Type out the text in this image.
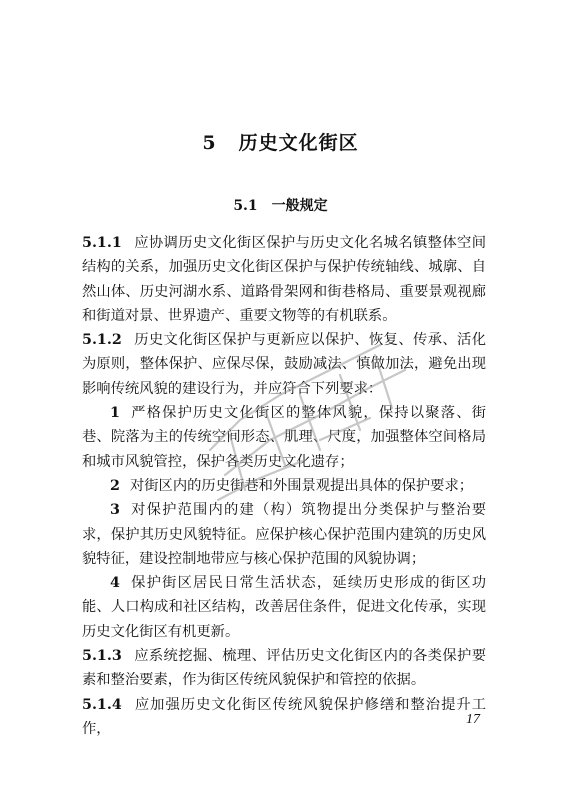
5 历史文化街区
5.1 一般规定

5.1.1 应协调历史文化街区保护与历史文化名城名镇整体空间结构的关系，加强历史文化街区保护与保护传统轴线、城廓、自然山体、历史河湖水系、道路骨架网和街巷格局、重要景观视廊和街道对景、世界遗产、重要文物等的有机联系。

5.1.2 历史文化街区保护与更新应以保护、恢复、传承、活化为原则，整体保护、应保尽保，鼓励减法、慎做加法，避免出现影响传统风貌的建设行为，并应符合下列要求：

1 严格保护历史文化街区的整体风貌，保持以聚落、街巷、院落为主的传统空间形态、肌理、尺度，加强整体空间格局和城市风貌管控，保护各类历史文化遗存；

2 对街区内的历史街巷和外围景观提出具体的保护要求；

3 对保护范围内的建（构）筑物提出分类保护与整治要求，保护其历史风貌特征。应保护核心保护范围内建筑的历史风貌特征，建设控制地带应与核心保护范围的风貌协调；

4 保护街区居民日常生活状态，延续历史形成的街区功能、人口构成和社区结构，改善居住条件，促进文化传承，实现历史文化街区有机更新。

5.1.3 应系统挖掘、梳理、评估历史文化街区内的各类保护要素和整治要素，作为街区传统风貌保护和管控的依据。

5.1.4 应加强历史文化街区传统风貌保护修缮和整治提升工作，

17
